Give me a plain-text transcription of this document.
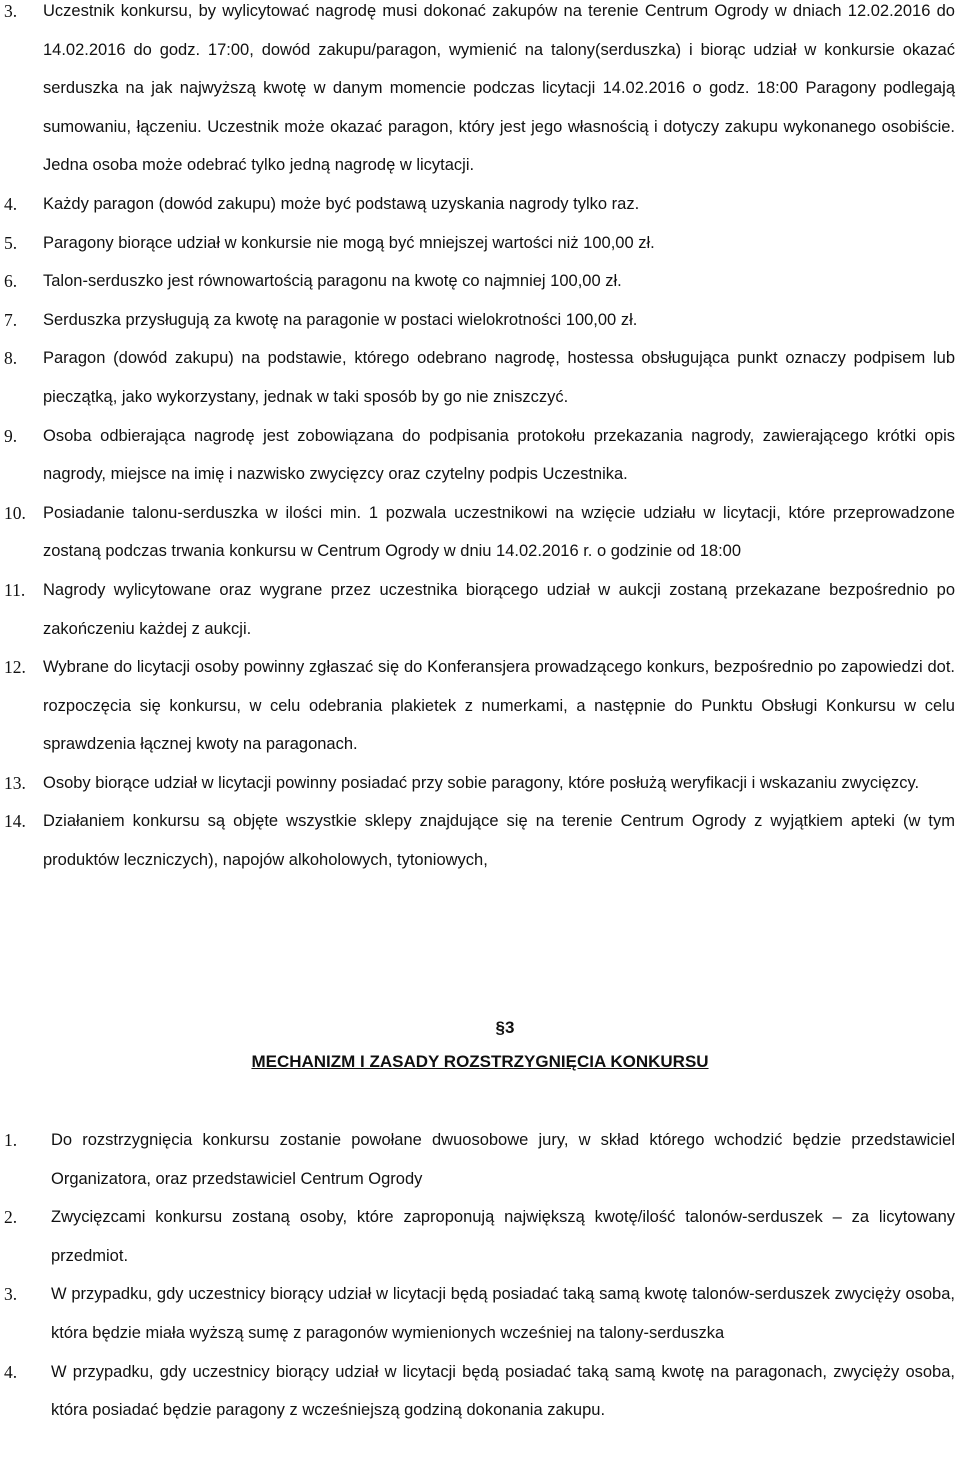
3. Uczestnik konkursu, by wylicytować nagrodę musi dokonać zakupów na terenie Centrum Ogrody w dniach 12.02.2016 do 14.02.2016 do godz. 17:00, dowód zakupu/paragon, wymienić na talony(serduszka) i biorąc udział w konkursie okazać serduszka na jak najwyższą kwotę w danym momencie podczas licytacji 14.02.2016 o godz. 18:00 Paragony podlegają sumowaniu, łączeniu. Uczestnik może okazać paragon, który jest jego własnością i dotyczy zakupu wykonanego osobiście. Jedna osoba może odebrać tylko jedną nagrodę w licytacji.
4. Każdy paragon (dowód zakupu) może być podstawą uzyskania nagrody tylko raz.
5. Paragony biorące udział w konkursie nie mogą być mniejszej wartości niż 100,00 zł.
6. Talon-serduszko jest równowartością paragonu na kwotę co najmniej 100,00 zł.
7. Serduszka przysługują za kwotę na paragonie w postaci wielokrotności 100,00 zł.
8. Paragon (dowód zakupu) na podstawie, którego odebrano nagrodę, hostessa obsługująca punkt oznaczy podpisem lub pieczątką, jako wykorzystany, jednak w taki sposób by go nie zniszczyć.
9. Osoba odbierająca nagrodę jest zobowiązana do podpisania protokołu przekazania nagrody, zawierającego krótki opis nagrody, miejsce na imię i nazwisko zwycięzcy oraz czytelny podpis Uczestnika.
10. Posiadanie talonu-serduszka w ilości min. 1 pozwala uczestnikowi na wzięcie udziału w licytacji, które przeprowadzone zostaną podczas trwania konkursu w Centrum Ogrody w dniu 14.02.2016 r. o godzinie od 18:00
11. Nagrody wylicytowane oraz wygrane przez uczestnika biorącego udział w aukcji zostaną przekazane bezpośrednio po zakończeniu każdej z aukcji.
12. Wybrane do licytacji osoby powinny zgłaszać się do Konferansjera prowadzącego konkurs, bezpośrednio po zapowiedzi dot. rozpoczęcia się konkursu, w celu odebrania plakietek z numerkami, a następnie do Punktu Obsługi Konkursu w celu sprawdzenia łącznej kwoty na paragonach.
13. Osoby biorące udział w licytacji powinny posiadać przy sobie paragony, które posłużą weryfikacji i wskazaniu zwycięzcy.
14. Działaniem konkursu są objęte wszystkie sklepy znajdujące się na terenie Centrum Ogrody z wyjątkiem apteki (w tym produktów leczniczych), napojów alkoholowych, tytoniowych,
§3
MECHANIZM I ZASADY ROZSTRZYGNIĘCIA KONKURSU
1. Do rozstrzygnięcia konkursu zostanie powołane dwuosobowe jury, w skład którego wchodzić będzie przedstawiciel Organizatora, oraz przedstawiciel Centrum Ogrody
2. Zwycięzcami konkursu zostaną osoby, które zaproponują największą kwotę/ilość talonów-serduszek – za licytowany przedmiot.
3. W przypadku, gdy uczestnicy biorący udział w licytacji będą posiadać taką samą kwotę talonów-serduszek zwycięży osoba, która będzie miała wyższą sumę z paragonów wymienionych wcześniej na talony-serduszka
4. W przypadku, gdy uczestnicy biorący udział w licytacji będą posiadać taką samą kwotę na paragonach, zwycięży osoba, która posiadać będzie paragony z wcześniejszą godziną dokonania zakupu.
